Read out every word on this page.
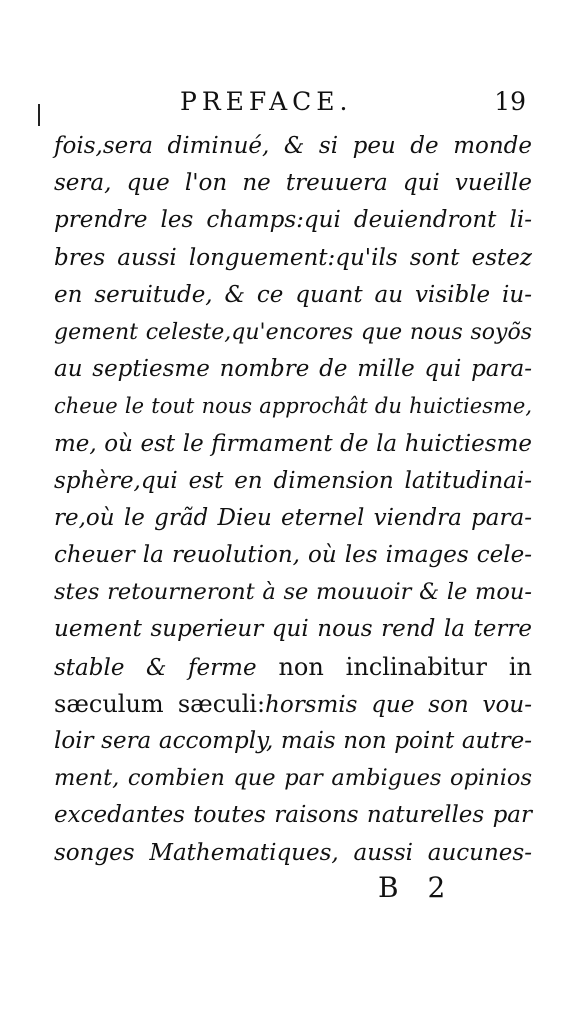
PREFACE.	19
fois,sera diminué, & si peu de monde
sera, que l'on ne treuuera qui vueille
prendre les champs:qui deuiendront li-
bres aussi longuement:qu'ils sont estez
en seruitude, & ce quant au visible iu-
gement celeste,qu'encores que nous soyõs
au septiesme nombre de mille qui para-
cheue le tout nous approchât du huictiesme,
me, où est le firmament de la huictiesme
sphère,qui est en dimension latitudinai-
re,où le grãd Dieu eternel viendra para-
cheuer la reuolution, où les images cele-
stes retourneront à se mouuoir & le mou-
uement superieur qui nous rend la terre
stable & ferme non inclinabitur in
sæculum sæculi:horsmis que son vou-
loir sera accomply, mais non point autre-
ment, combien que par ambigues opinios
excedantes toutes raisons naturelles par
songes Mathematiques, aussi aucunes-
B 2
